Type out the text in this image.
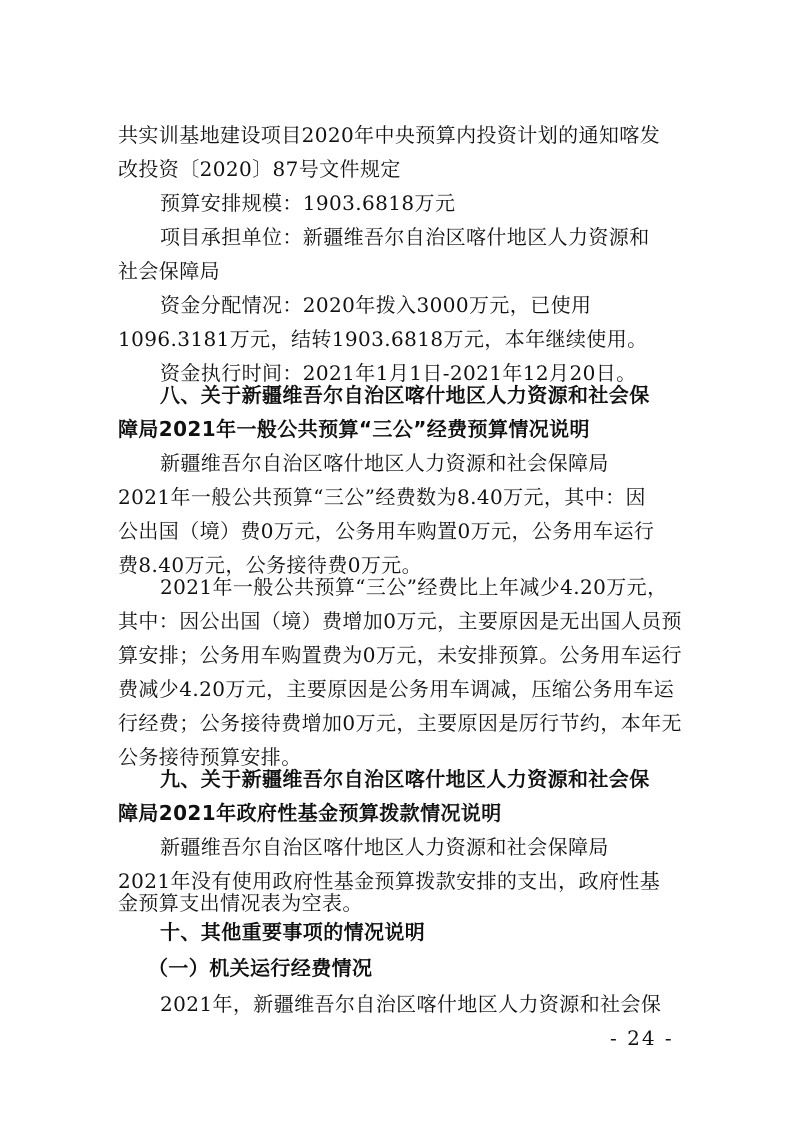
共实训基地建设项目2020年中央预算内投资计划的通知喀发
改投资〔2020〕87号文件规定
预算安排规模：1903.6818万元
项目承担单位：新疆维吾尔自治区喀什地区人力资源和
社会保障局
资金分配情况：2020年拨入3000万元，已使用
1096.3181万元，结转1903.6818万元，本年继续使用。
资金执行时间：2021年1月1日-2021年12月20日。
八、关于新疆维吾尔自治区喀什地区人力资源和社会保
障局2021年一般公共预算“三公”经费预算情况说明
新疆维吾尔自治区喀什地区人力资源和社会保障局
2021年一般公共预算“三公”经费数为8.40万元，其中：因
公出国（境）费0万元，公务用车购置0万元，公务用车运行
费8.40万元，公务接待费0万元。
2021年一般公共预算“三公”经费比上年减少4.20万元，
其中：因公出国（境）费增加0万元，主要原因是无出国人员预
算安排；公务用车购置费为0万元，未安排预算。公务用车运行
费减少4.20万元，主要原因是公务用车调减，压缩公务用车运
行经费；公务接待费增加0万元，主要原因是厉行节约，本年无
公务接待预算安排。
九、关于新疆维吾尔自治区喀什地区人力资源和社会保
障局2021年政府性基金预算拨款情况说明
新疆维吾尔自治区喀什地区人力资源和社会保障局
2021年没有使用政府性基金预算拨款安排的支出，政府性基
金预算支出情况表为空表。
十、其他重要事项的情况说明
（一）机关运行经费情况
- 24 -
2021年，新疆维吾尔自治区喀什地区人力资源和社会保
